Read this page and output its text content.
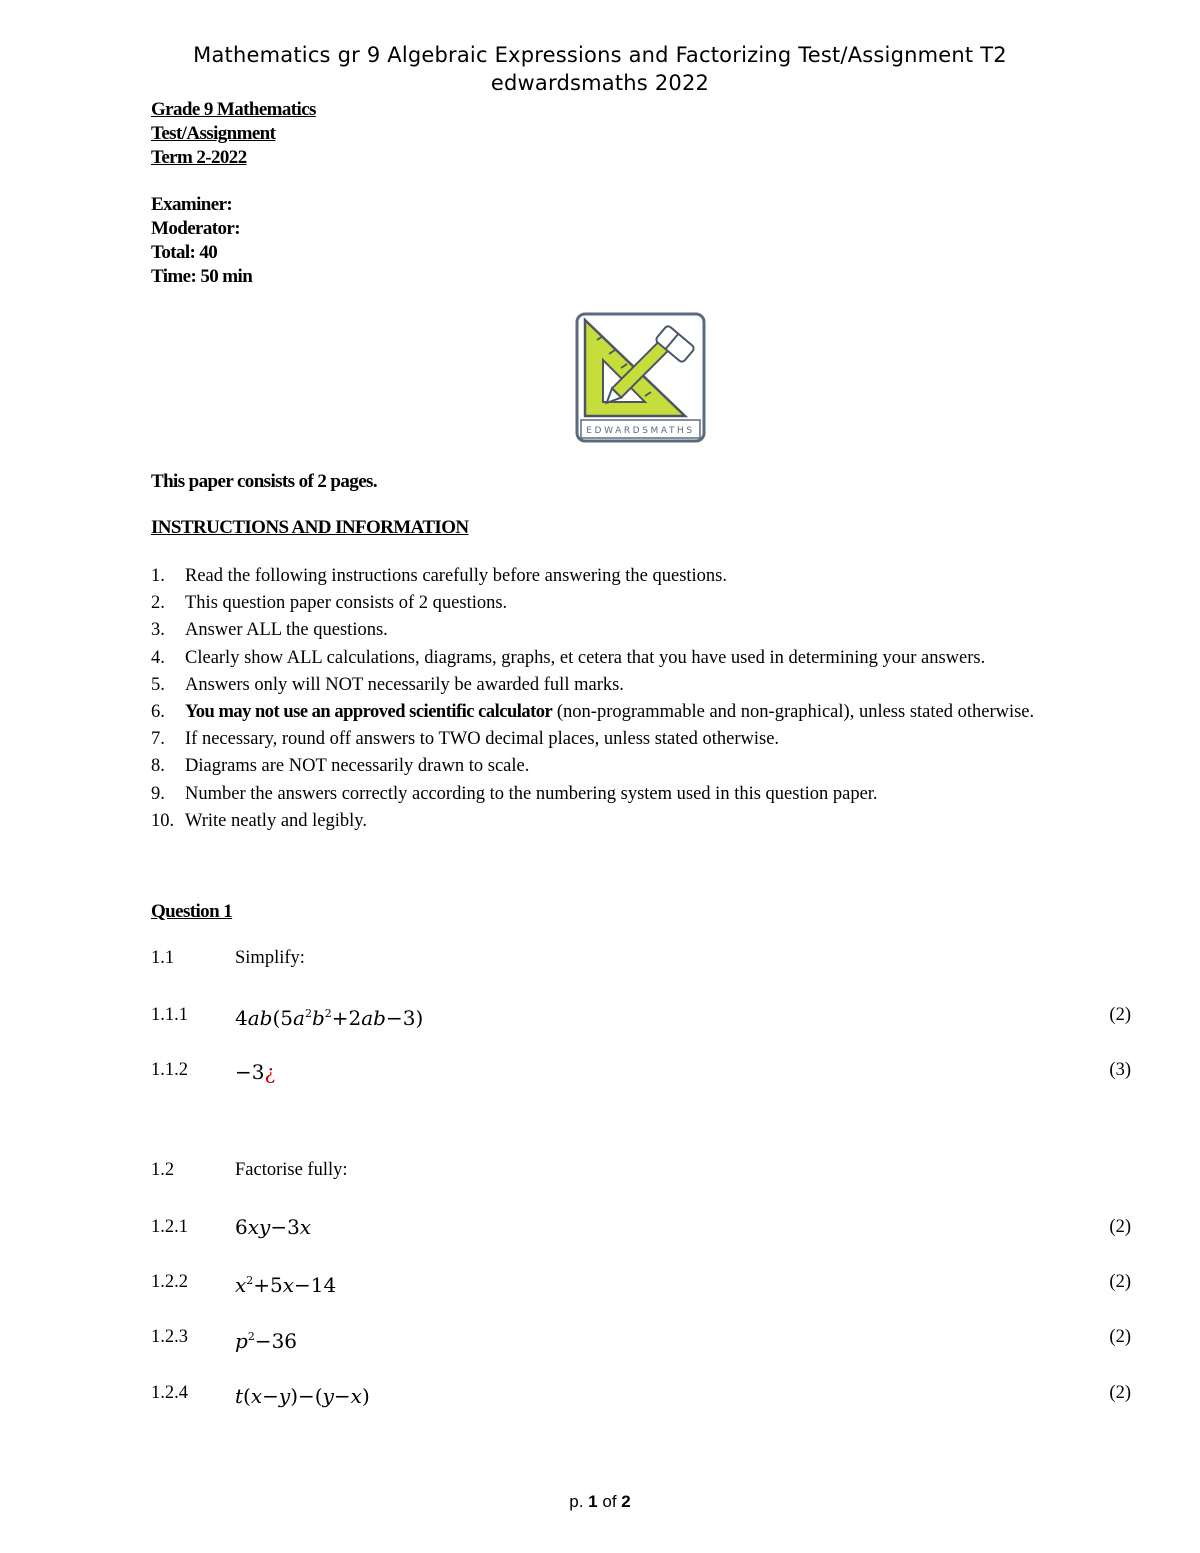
Mathematics gr 9 Algebraic Expressions and Factorizing Test/Assignment T2
edwardsmaths 2022

Grade 9 Mathematics

Test/Assignment

Term 2-2022

Examiner:

Moderator:

Total: 40

Time: 50 min

EDWARDSMATHS
This paper consists of 2 pages.
INSTRUCTIONS AND INFORMATION
1.	Read the following instructions carefully before answering the questions.
2.	This question paper consists of 2 questions.
3.	Answer ALL the questions.
4.	Clearly show ALL calculations, diagrams, graphs, et cetera that you have used in determining your answers.
5.	Answers only will NOT necessarily be awarded full marks.
6.	You may not use an approved scientific calculator (non-programmable and non-graphical), unless stated otherwise.
7.	If necessary, round off answers to TWO decimal places, unless stated otherwise.
8.	Diagrams are NOT necessarily drawn to scale.
9.	Number the answers correctly according to the numbering system used in this question paper.
10. Write neatly and legibly.
Question 1
1.1	Simplify:
1.1.1 $4ab(5a^2b^2+2ab-3)$	(2)
1.1.2 −3¿	(3)
1.2	Factorise fully:
1.2.1 6xy−3x	(2)
1.2.2 $x^2+5x-14$	(2)
1.2.3 $p^2-36$	(2)
1.2.4 t(x−y)−(y−x)	(2)
p. 1 of 2
